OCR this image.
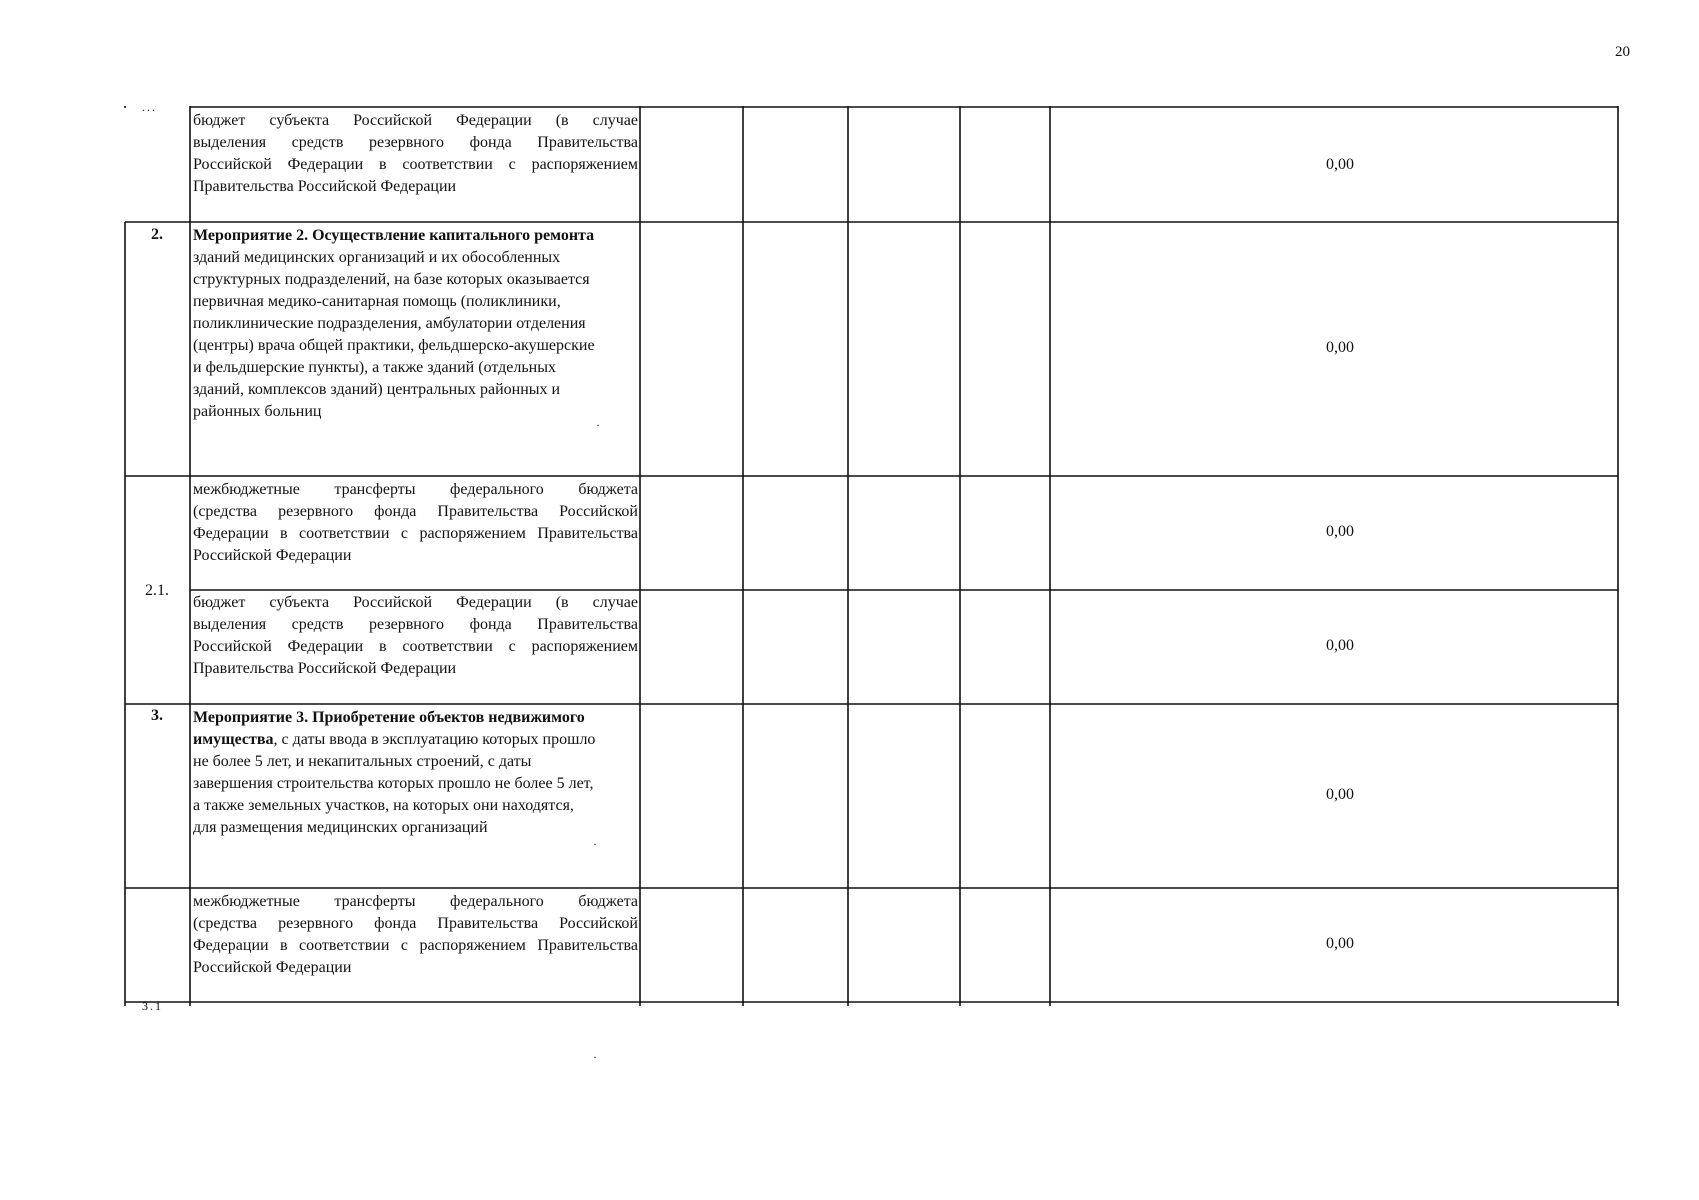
20
...
3.1
бюджет субъекта Российской Федерации (в случае
выделения средств резервного фонда Правительства
Российской Федерации в соответствии с распоряжением
Правительства Российской Федерации
0,00
2.	Мероприятие 2. Осуществление капитального ремонта
зданий медицинских организаций и их обособленных
структурных подразделений, на базе которых оказывается
первичная медико-санитарная помощь (поликлиники,
поликлинические подразделения, амбулатории отделения
(центры) врача общей практики, фельдшерско-акушерские
и фельдшерские пункты), а также зданий (отдельных
зданий, комплексов зданий) центральных районных и
районных больниц
0,00
·
межбюджетные трансферты федерального бюджета
(средства резервного фонда Правительства Российской
Федерации в соответствии с распоряжением Правительства
Российской Федерации
0,00
2.1.
бюджет субъекта Российской Федерации (в случае
выделения средств резервного фонда Правительства
Российской Федерации в соответствии с распоряжением
Правительства Российской Федерации
0,00
3.	Мероприятие 3. Приобретение объектов недвижимого
имущества, с даты ввода в эксплуатацию которых прошло
не более 5 лет, и некапитальных строений, с даты
завершения строительства которых прошло не более 5 лет,
а также земельных участков, на которых они находятся,
для размещения медицинских организаций
0,00
·
межбюджетные трансферты федерального бюджета
(средства резервного фонда Правительства Российской
Федерации в соответствии с распоряжением Правительства
Российской Федерации
0,00
·
